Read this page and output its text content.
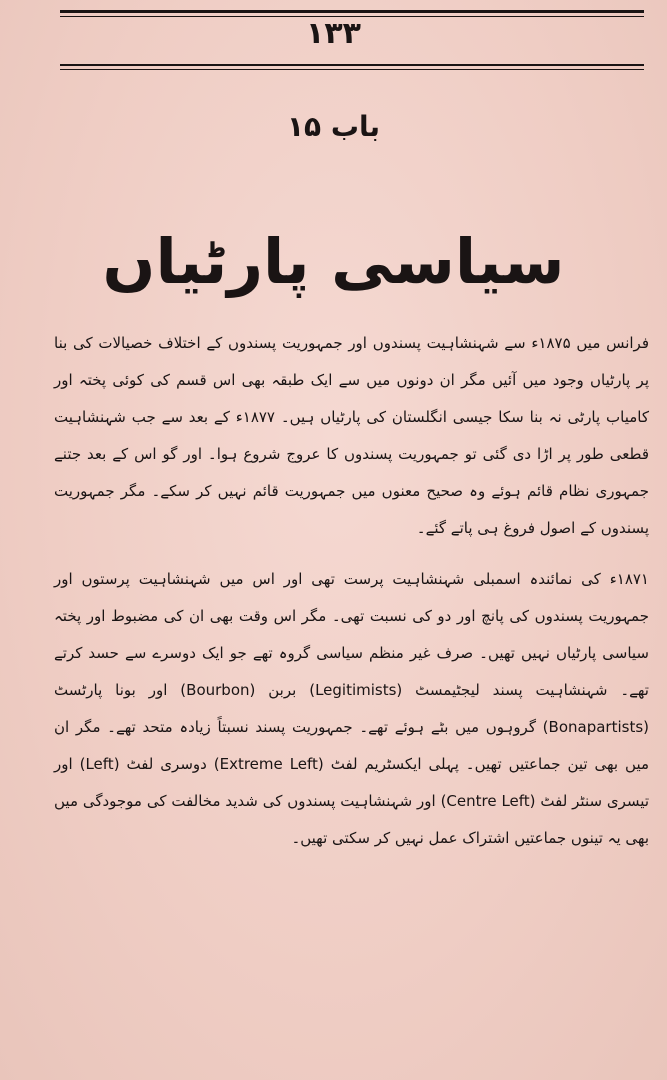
۱۳۳
باب ۱۵
سیاسی پارٹیاں

فرانس میں ۱۸۷۵ء سے شہنشاہیت پسندوں اور جمہوریت پسندوں کے اختلاف خصیالات کی بنا پر پارٹیاں وجود میں آئیں مگر ان دونوں میں سے ایک طبقہ بھی اس قسم کی کوئی پختہ اور کامیاب پارٹی نہ بنا سکا جیسی انگلستان کی پارٹیاں ہیں۔ ۱۸۷۷ء کے بعد سے جب شہنشاہیت قطعی طور پر اڑا دی گئی تو جمہوریت پسندوں کا عروج شروع ہوا۔ اور گو اس کے بعد جتنے جمہوری نظام قائم ہوئے وہ صحیح معنوں میں جمہوریت قائم نہیں کر سکے۔ مگر جمہوریت پسندوں کے اصول فروغ ہی پاتے گئے۔

۱۸۷۱ء کی نمائندہ اسمبلی شہنشاہیت پرست تھی اور اس میں شہنشاہیت پرستوں اور جمہوریت پسندوں کی پانچ اور دو کی نسبت تھی۔ مگر اس وقت بھی ان کی مضبوط اور پختہ سیاسی پارٹیاں نہیں تھیں۔ صرف غیر منظم سیاسی گروہ تھے جو ایک دوسرے سے حسد کرتے تھے۔ شہنشاہیت پسند لیجٹیمسٹ (Legitimists) بربن (Bourbon) اور بونا پارٹسٹ (Bonapartists) گروہوں میں بٹے ہوئے تھے۔ جمہوریت پسند نسبتاً زیادہ متحد تھے۔ مگر ان میں بھی تین جماعتیں تھیں۔ پہلی ایکسٹریم لفٹ (Extreme Left) دوسری لفٹ (Left) اور تیسری سنٹر لفٹ (Centre Left) اور شہنشاہیت پسندوں کی شدید مخالفت کی موجودگی میں بھی یہ تینوں جماعتیں اشتراک عمل نہیں کر سکتی تھیں۔
